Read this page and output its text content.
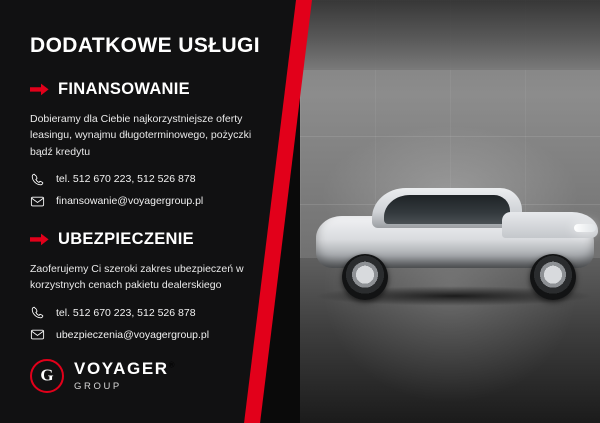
DODATKOWE USŁUGI
FINANSOWANIE
Dobieramy dla Ciebie najkorzystniejsze oferty leasingu, wynajmu długoterminowego, pożyczki bądź kredytu
tel. 512 670 223, 512 526 878
finansowanie@voyagergroup.pl
UBEZPIECZENIE
Zaoferujemy Ci szeroki zakres ubezpieczeń w korzystnych cenach pakietu dealerskiego
tel. 512 670 223, 512 526 878
ubezpieczenia@voyagergroup.pl
G
VOYAGER®
GROUP
